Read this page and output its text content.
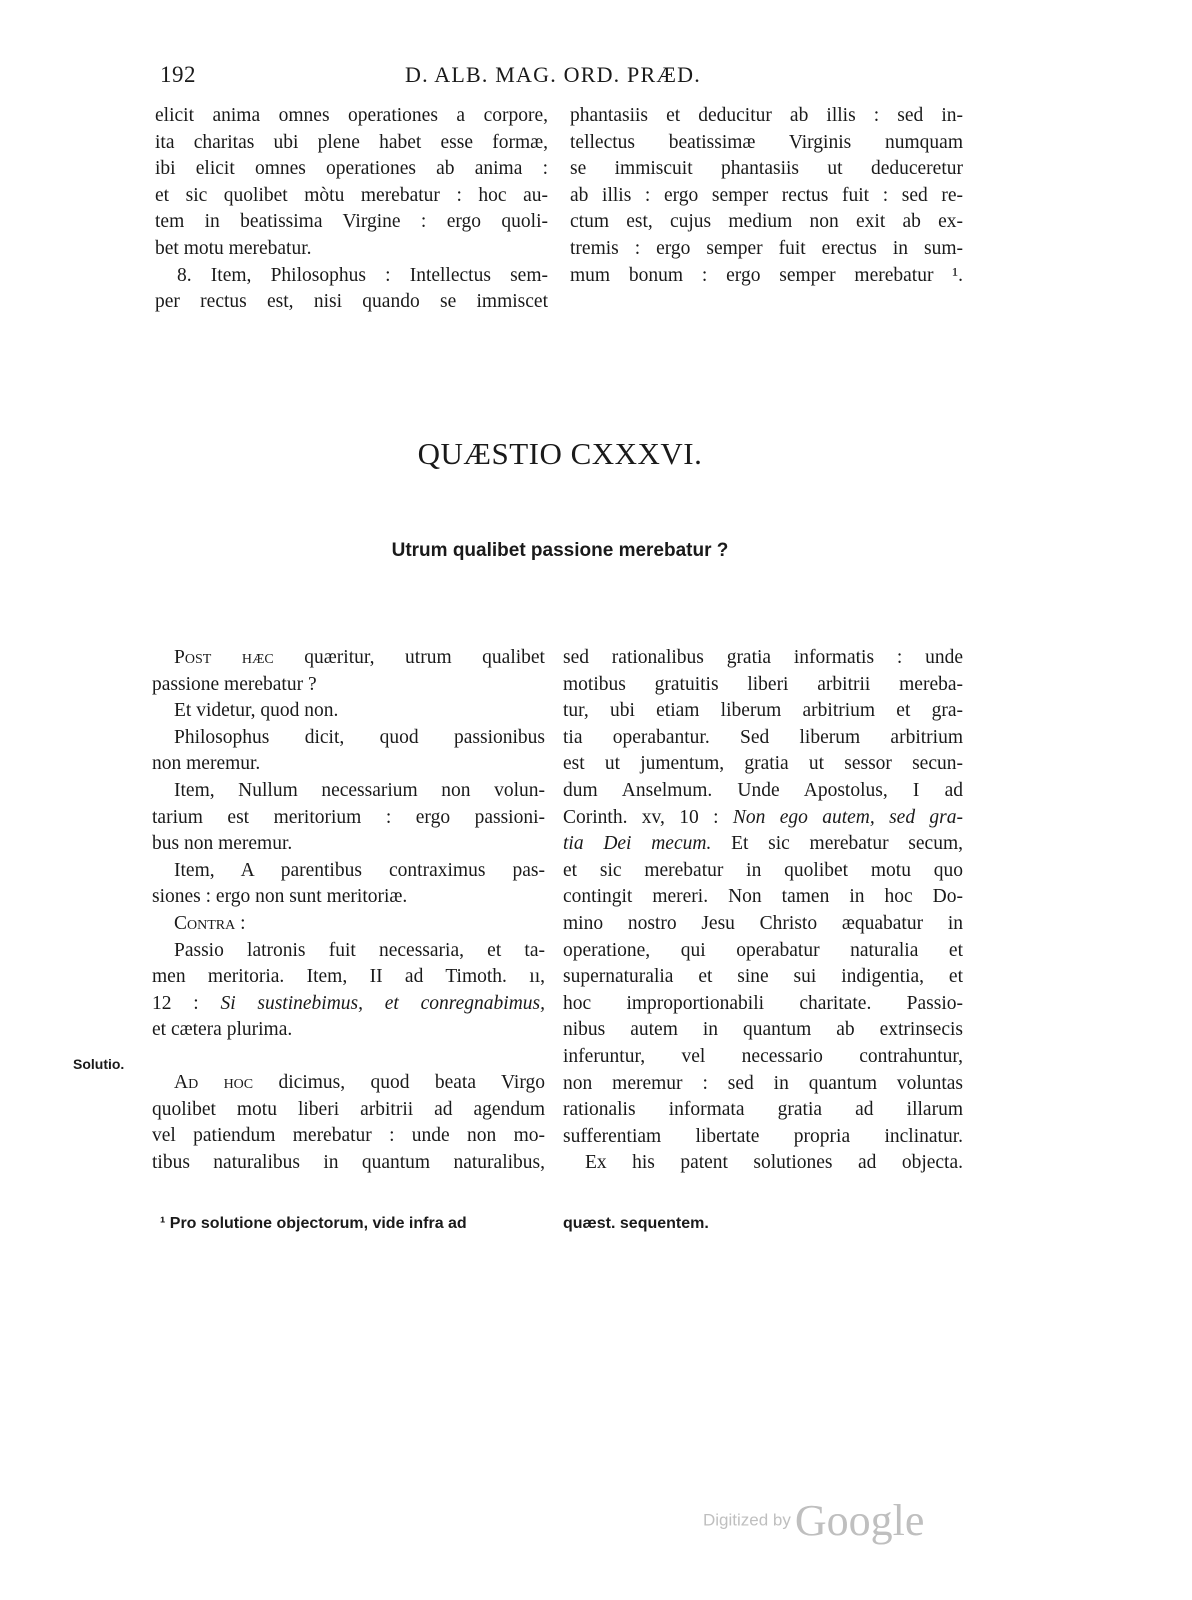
192	D. ALB. MAG. ORD. PRÆD.
elicit anima omnes operationes a corpore,
ita charitas ubi plene habet esse formæ,
ibi elicit omnes operationes ab anima :
et sic quolibet mòtu merebatur : hoc au-
tem in beatissima Virgine : ergo quoli-
bet motu merebatur.
8. Item, Philosophus : Intellectus sem-
per rectus est, nisi quando se immiscet
phantasiis et deducitur ab illis : sed in-
tellectus beatissimæ Virginis numquam
se immiscuit phantasiis ut deduceretur
ab illis : ergo semper rectus fuit : sed re-
ctum est, cujus medium non exit ab ex-
tremis : ergo semper fuit erectus in sum-
mum bonum : ergo semper merebatur ¹.
QUÆSTIO CXXXVI.
Utrum qualibet passione merebatur ?
Post hæc quæritur, utrum qualibet
passione merebatur ?
Et videtur, quod non.
Philosophus dicit, quod passionibus
non meremur.
Item, Nullum necessarium non volun-
tarium est meritorium : ergo passioni-
bus non meremur.
Item, A parentibus contraximus pas-
siones : ergo non sunt meritoriæ.
Contra :
Passio latronis fuit necessaria, et ta-
men meritoria. Item, II ad Timoth. ıı,
12 : Si sustinebimus, et conregnabimus,
et cætera plurima.
Ad hoc dicimus, quod beata Virgo
quolibet motu liberi arbitrii ad agendum
vel patiendum merebatur : unde non mo-
tibus naturalibus in quantum naturalibus,
Solutio.
sed rationalibus gratia informatis : unde
motibus gratuitis liberi arbitrii mereba-
tur, ubi etiam liberum arbitrium et gra-
tia operabantur. Sed liberum arbitrium
est ut jumentum, gratia ut sessor secun-
dum Anselmum. Unde Apostolus, I ad
Corinth. xv, 10 : Non ego autem, sed gra-
tia Dei mecum. Et sic merebatur secum,
et sic merebatur in quolibet motu quo
contingit mereri. Non tamen in hoc Do-
mino nostro Jesu Christo æquabatur in
operatione, qui operabatur naturalia et
supernaturalia et sine sui indigentia, et
hoc improportionabili charitate. Passio-
nibus autem in quantum ab extrinsecis
inferuntur, vel necessario contrahuntur,
non meremur : sed in quantum voluntas
rationalis informata gratia ad illarum
sufferentiam libertate propria inclinatur.
Ex his patent solutiones ad objecta.
¹ Pro solutione objectorum, vide infra ad	quæst. sequentem.
Digitized by Google
